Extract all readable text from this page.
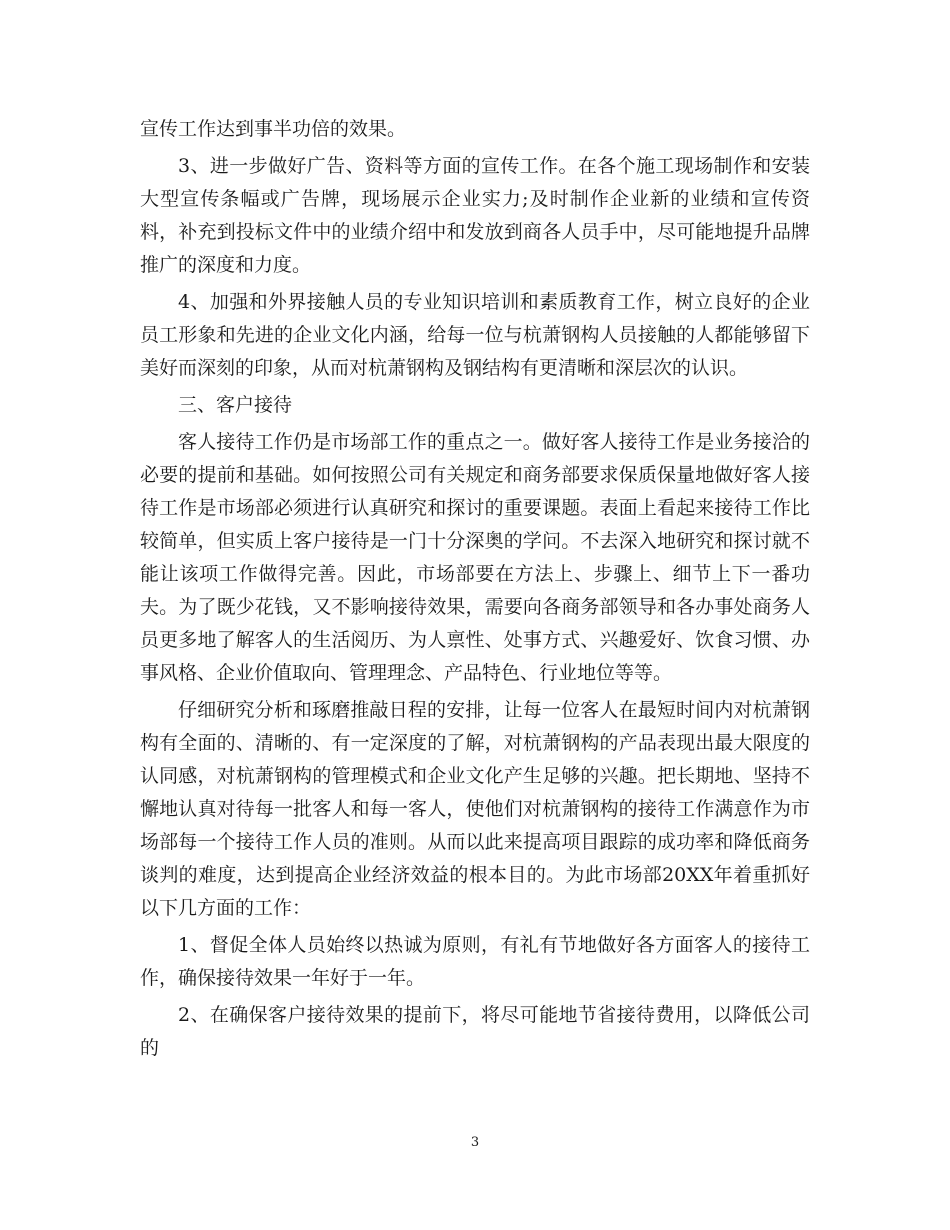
宣传工作达到事半功倍的效果。

3、进一步做好广告、资料等方面的宣传工作。在各个施工现场制作和安装大型宣传条幅或广告牌，现场展示企业实力;及时制作企业新的业绩和宣传资料，补充到投标文件中的业绩介绍中和发放到商各人员手中，尽可能地提升品牌推广的深度和力度。

4、加强和外界接触人员的专业知识培训和素质教育工作，树立良好的企业员工形象和先进的企业文化内涵，给每一位与杭萧钢构人员接触的人都能够留下美好而深刻的印象，从而对杭萧钢构及钢结构有更清晰和深层次的认识。

三、客户接待

客人接待工作仍是市场部工作的重点之一。做好客人接待工作是业务接洽的必要的提前和基础。如何按照公司有关规定和商务部要求保质保量地做好客人接待工作是市场部必须进行认真研究和探讨的重要课题。表面上看起来接待工作比较简单，但实质上客户接待是一门十分深奥的学问。不去深入地研究和探讨就不能让该项工作做得完善。因此，市场部要在方法上、步骤上、细节上下一番功夫。为了既少花钱，又不影响接待效果，需要向各商务部领导和各办事处商务人员更多地了解客人的生活阅历、为人禀性、处事方式、兴趣爱好、饮食习惯、办事风格、企业价值取向、管理理念、产品特色、行业地位等等。

仔细研究分析和琢磨推敲日程的安排，让每一位客人在最短时间内对杭萧钢构有全面的、清晰的、有一定深度的了解，对杭萧钢构的产品表现出最大限度的认同感，对杭萧钢构的管理模式和企业文化产生足够的兴趣。把长期地、坚持不懈地认真对待每一批客人和每一客人，使他们对杭萧钢构的接待工作满意作为市场部每一个接待工作人员的准则。从而以此来提高项目跟踪的成功率和降低商务谈判的难度，达到提高企业经济效益的根本目的。为此市场部20XX年着重抓好以下几方面的工作：

1、督促全体人员始终以热诚为原则，有礼有节地做好各方面客人的接待工作，确保接待效果一年好于一年。

2、在确保客户接待效果的提前下，将尽可能地节省接待费用，以降低公司的

3
